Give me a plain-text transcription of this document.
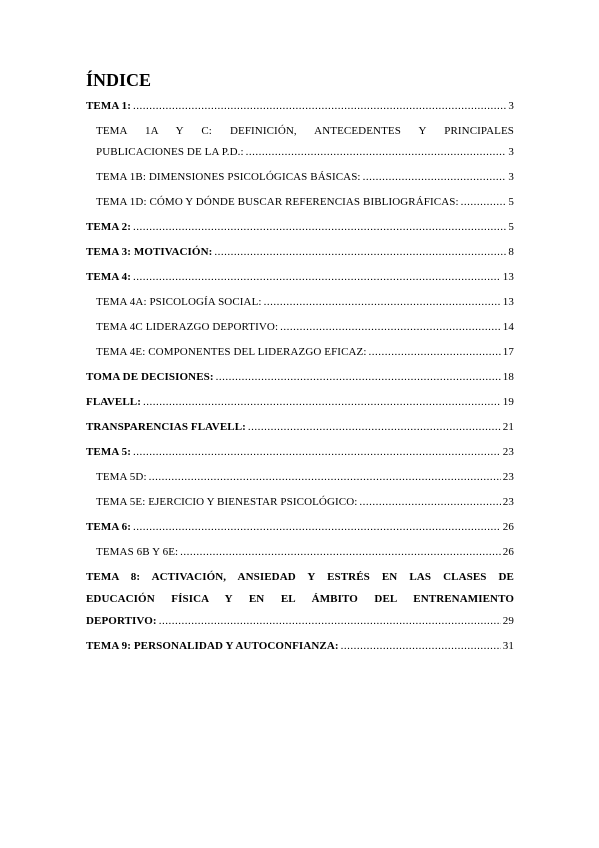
ÍNDICE
TEMA 1: .....	3
TEMA 1A Y C: DEFINICIÓN, ANTECEDENTES Y PRINCIPALES
PUBLICACIONES DE LA P.D.: .....	3
TEMA 1B: DIMENSIONES PSICOLÓGICAS BÁSICAS: .....	3
TEMA 1D: CÓMO Y DÓNDE BUSCAR REFERENCIAS BIBLIOGRÁFICAS: .....	5
TEMA 2: .....	5
TEMA 3: MOTIVACIÓN: .....	8
TEMA 4: .....	13
TEMA 4A: PSICOLOGÍA SOCIAL: .....	13
TEMA 4C LIDERAZGO DEPORTIVO: .....	14
TEMA 4E: COMPONENTES DEL LIDERAZGO EFICAZ: .....	17
TOMA DE DECISIONES: .....	18
FLAVELL: .....	19
TRANSPARENCIAS FLAVELL: .....	21
TEMA 5: .....	23
TEMA 5D: .....	23
TEMA 5E: EJERCICIO Y BIENESTAR PSICOLÓGICO: .....	23
TEMA 6: .....	26
TEMAS 6B Y 6E: .....	26
TEMA 8: ACTIVACIÓN, ANSIEDAD Y ESTRÉS EN LAS CLASES DE
EDUCACIÓN FÍSICA Y EN EL ÁMBITO DEL ENTRENAMIENTO
DEPORTIVO: .....	29
TEMA 9: PERSONALIDAD Y AUTOCONFIANZA: .....	31
